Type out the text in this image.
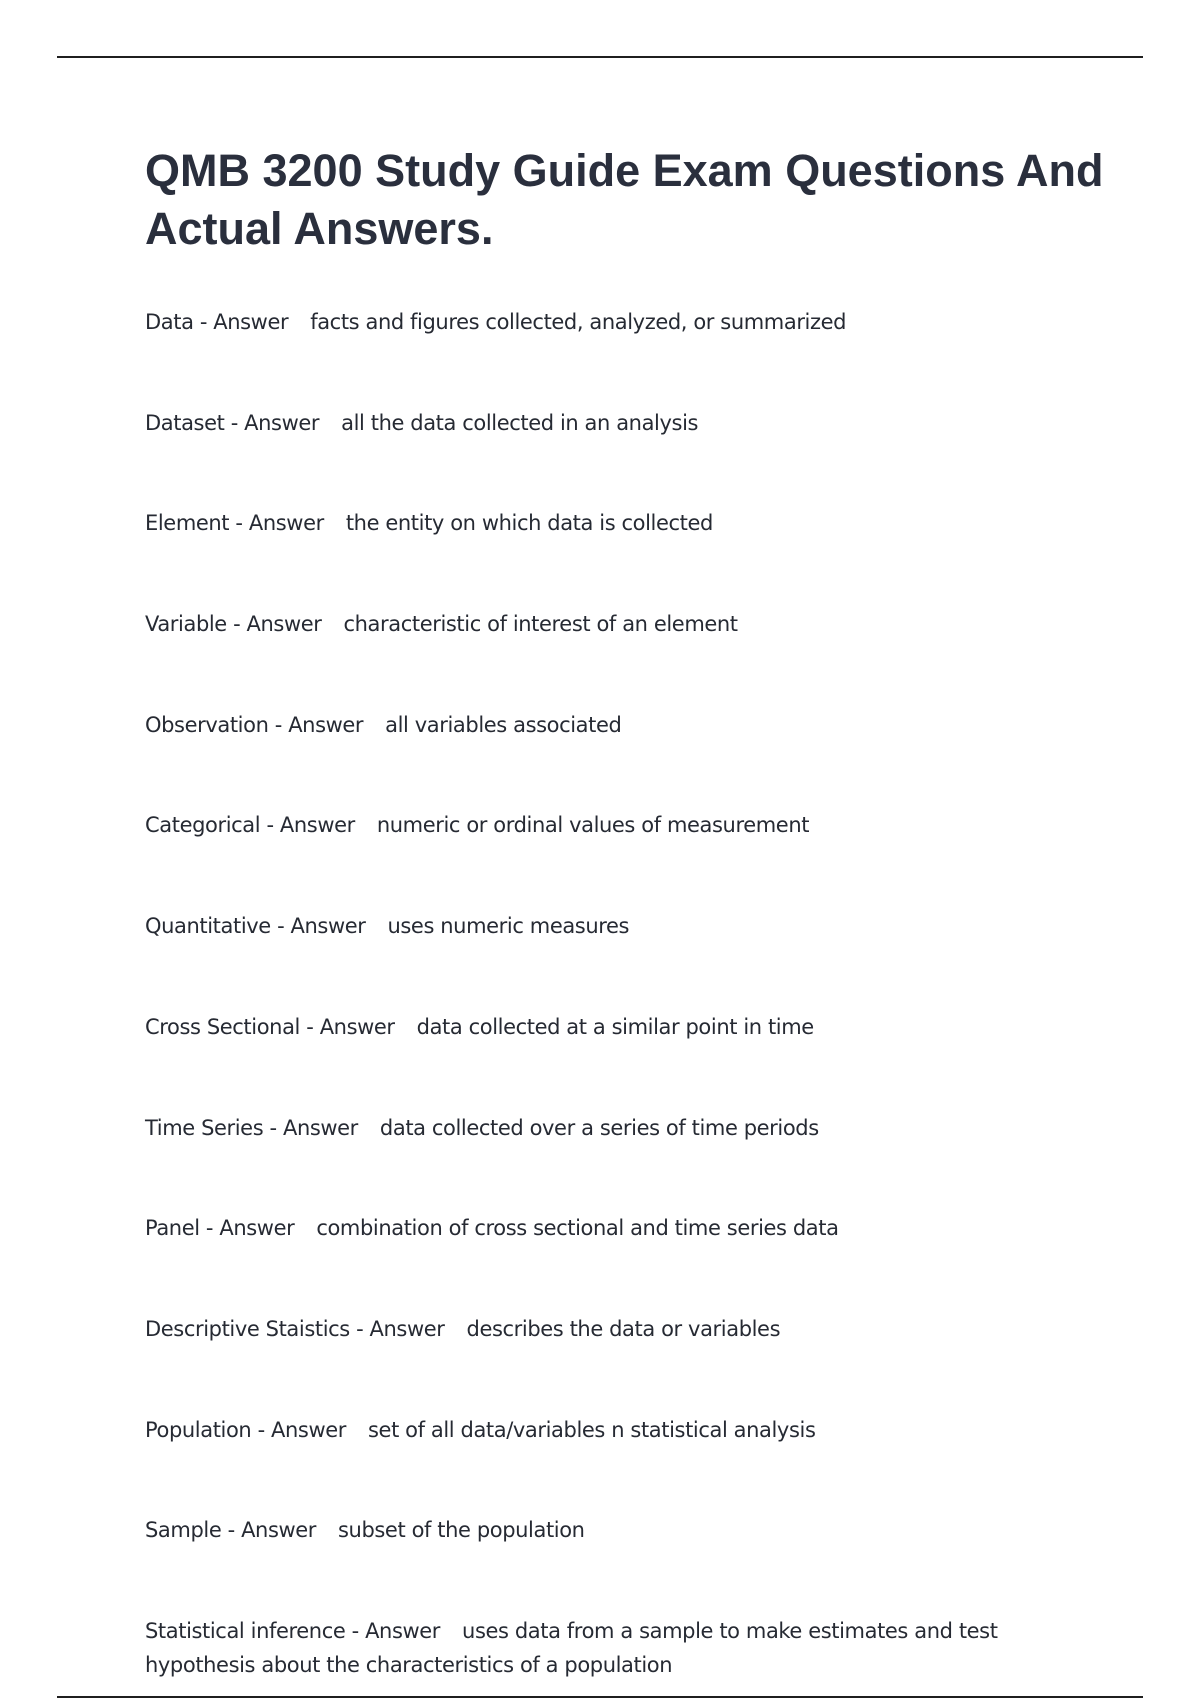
QMB 3200 Study Guide Exam Questions And Actual Answers.
Data - Answer facts and figures collected, analyzed, or summarized
Dataset - Answer all the data collected in an analysis
Element - Answer the entity on which data is collected
Variable - Answer characteristic of interest of an element
Observation - Answer all variables associated
Categorical - Answer numeric or ordinal values of measurement
Quantitative - Answer uses numeric measures
Cross Sectional - Answer data collected at a similar point in time
Time Series - Answer data collected over a series of time periods
Panel - Answer combination of cross sectional and time series data
Descriptive Staistics - Answer describes the data or variables
Population - Answer set of all data/variables n statistical analysis
Sample - Answer subset of the population
Statistical inference - Answer uses data from a sample to make estimates and test hypothesis about the characteristics of a population
